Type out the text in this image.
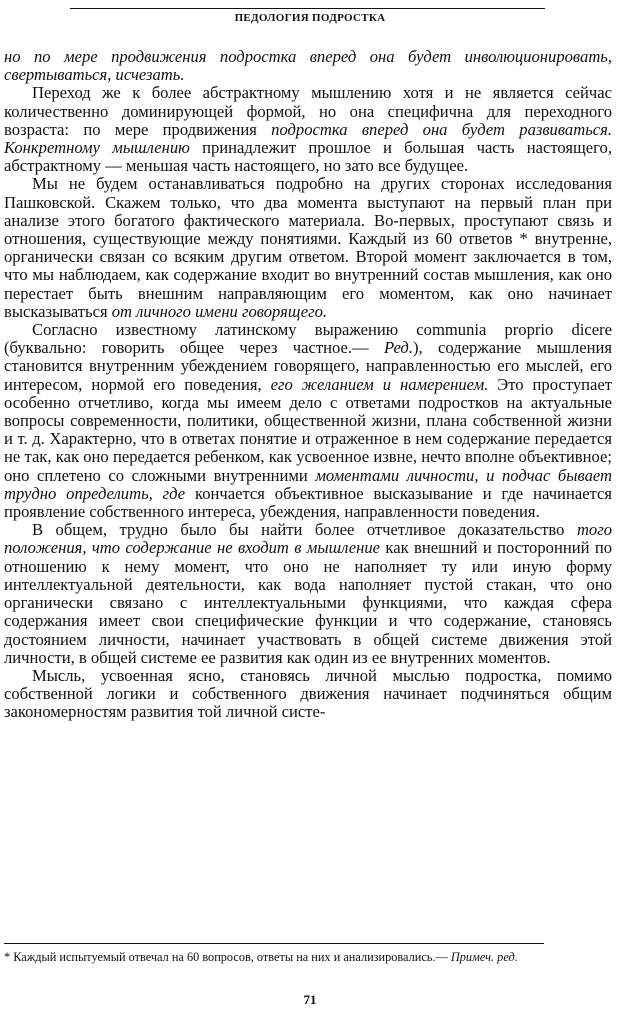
ПЕДОЛОГИЯ ПОДРОСТКА

но по мере продвижения подростка вперед она будет инволюционировать, свертываться, исчезать.

Переход же к более абстрактному мышлению хотя и не является сейчас количественно доминирующей формой, но она специфична для переходного возраста: по мере продвижения подростка вперед она будет развиваться. Конкретному мышлению принадлежит прошлое и большая часть настоящего, абстрактному — меньшая часть настоящего, но зато все будущее.

Мы не будем останавливаться подробно на других сторонах исследования Пашковской. Скажем только, что два момента выступают на первый план при анализе этого богатого фактического материала. Во-первых, проступают связь и отношения, существующие между понятиями. Каждый из 60 ответов * внутренне, органически связан со всяким другим ответом. Второй момент заключается в том, что мы наблюдаем, как содержание входит во внутренний состав мышления, как оно перестает быть внешним направляющим его моментом, как оно начинает высказываться от личного имени говорящего.

Согласно известному латинскому выражению communia proprio dicere (буквально: говорить общее через частное.— Ред.), содержание мышления становится внутренним убеждением говорящего, направленностью его мыслей, его интересом, нормой его поведения, его желанием и намерением. Это проступает особенно отчетливо, когда мы имеем дело с ответами подростков на актуальные вопросы современности, политики, общественной жизни, плана собственной жизни и т. д. Характерно, что в ответах понятие и отраженное в нем содержание передается не так, как оно передается ребенком, как усвоенное извне, нечто вполне объективное; оно сплетено со сложными внутренними моментами личности, и подчас бывает трудно определить, где кончается объективное высказывание и где начинается проявление собственного интереса, убеждения, направленности поведения.

В общем, трудно было бы найти более отчетливое доказательство того положения, что содержание не входит в мышление как внешний и посторонний по отношению к нему момент, что оно не наполняет ту или иную форму интеллектуальной деятельности, как вода наполняет пустой стакан, что оно органически связано с интеллектуальными функциями, что каждая сфера содержания имеет свои специфические функции и что содержание, становясь достоянием личности, начинает участвовать в общей системе движения этой личности, в общей системе ее развития как один из ее внутренних моментов.

Мысль, усвоенная ясно, становясь личной мыслью подростка, помимо собственной логики и собственного движения начинает подчиняться общим закономерностям развития той личной систе-

* Каждый испытуемый отвечал на 60 вопросов, ответы на них и анализировались.— Примеч. ред.
71
